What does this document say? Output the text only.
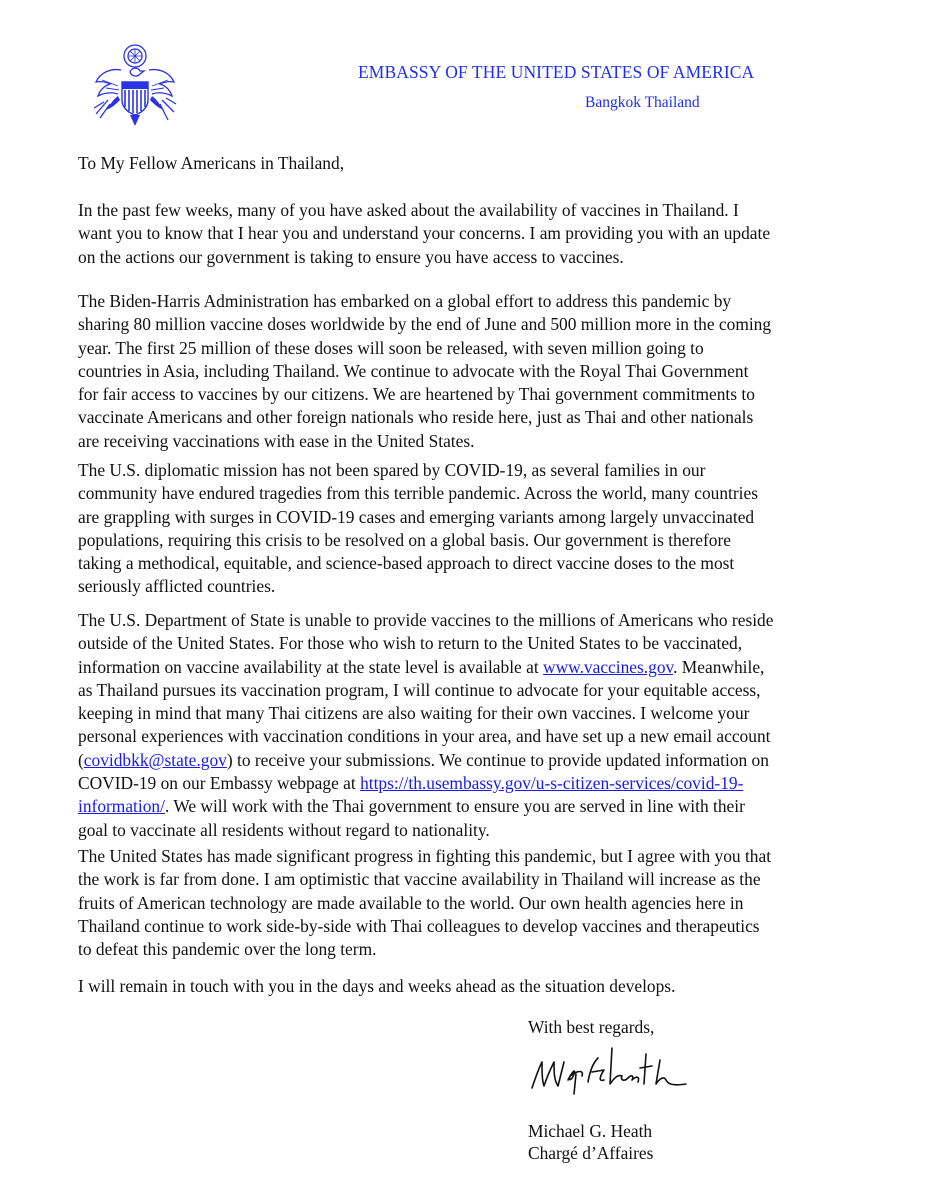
EMBASSY OF THE UNITED STATES OF AMERICA
Bangkok Thailand
To My Fellow Americans in Thailand,
In the past few weeks, many of you have asked about the availability of vaccines in Thailand. I
want you to know that I hear you and understand your concerns. I am providing you with an update
on the actions our government is taking to ensure you have access to vaccines.
The Biden-Harris Administration has embarked on a global effort to address this pandemic by
sharing 80 million vaccine doses worldwide by the end of June and 500 million more in the coming
year. The first 25 million of these doses will soon be released, with seven million going to
countries in Asia, including Thailand. We continue to advocate with the Royal Thai Government
for fair access to vaccines by our citizens. We are heartened by Thai government commitments to
vaccinate Americans and other foreign nationals who reside here, just as Thai and other nationals
are receiving vaccinations with ease in the United States.
The U.S. diplomatic mission has not been spared by COVID-19, as several families in our
community have endured tragedies from this terrible pandemic. Across the world, many countries
are grappling with surges in COVID-19 cases and emerging variants among largely unvaccinated
populations, requiring this crisis to be resolved on a global basis. Our government is therefore
taking a methodical, equitable, and science-based approach to direct vaccine doses to the most
seriously afflicted countries.
The U.S. Department of State is unable to provide vaccines to the millions of Americans who reside
outside of the United States. For those who wish to return to the United States to be vaccinated,
information on vaccine availability at the state level is available at www.vaccines.gov. Meanwhile,
as Thailand pursues its vaccination program, I will continue to advocate for your equitable access,
keeping in mind that many Thai citizens are also waiting for their own vaccines. I welcome your
personal experiences with vaccination conditions in your area, and have set up a new email account
(covidbkk@state.gov) to receive your submissions. We continue to provide updated information on
COVID-19 on our Embassy webpage at https://th.usembassy.gov/u-s-citizen-services/covid-19-
information/. We will work with the Thai government to ensure you are served in line with their
goal to vaccinate all residents without regard to nationality.
The United States has made significant progress in fighting this pandemic, but I agree with you that
the work is far from done. I am optimistic that vaccine availability in Thailand will increase as the
fruits of American technology are made available to the world. Our own health agencies here in
Thailand continue to work side-by-side with Thai colleagues to develop vaccines and therapeutics
to defeat this pandemic over the long term.
I will remain in touch with you in the days and weeks ahead as the situation develops.
With best regards,
Michael G. Heath
Chargé d’Affaires
